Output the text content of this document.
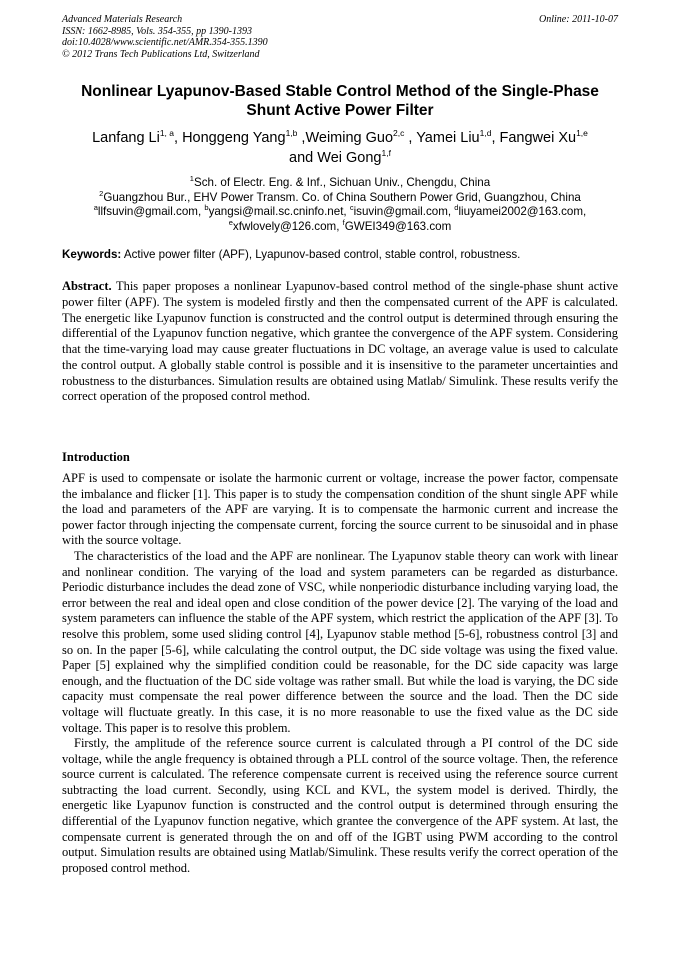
Advanced Materials Research	Online: 2011-10-07
ISSN: 1662-8985, Vols. 354-355, pp 1390-1393
doi:10.4028/www.scientific.net/AMR.354-355.1390
© 2012 Trans Tech Publications Ltd, Switzerland
Nonlinear Lyapunov-Based Stable Control Method of the Single-Phase
Shunt Active Power Filter
Lanfang Li$^{1, a}$, Honggeng Yang$^{1,b}$ ,Weiming Guo$^{2,c}$ , Yamei Liu$^{1,d}$, Fangwei Xu$^{1,e}$
and Wei Gong$^{1,f}$
$^1$Sch. of Electr. Eng. & Inf., Sichuan Univ., Chengdu, China
$^2$Guangzhou Bur., EHV Power Transm. Co. of China Southern Power Grid, Guangzhou, China
$^a$llfsuvin@gmail.com, $^b$yangsi@mail.sc.cninfo.net, $^c$isuvin@gmail.com, $^d$liuyamei2002@163.com,
$^e$xfwlovely@126.com, $^f$GWEI349@163.com
Keywords: Active power filter (APF), Lyapunov-based control, stable control, robustness.
Abstract. This paper proposes a nonlinear Lyapunov-based control method of the single-phase shunt active power filter (APF). The system is modeled firstly and then the compensated current of the APF is calculated. The energetic like Lyapunov function is constructed and the control output is determined through ensuring the differential of the Lyapunov function negative, which grantee the convergence of the APF system. Considering that the time-varying load may cause greater fluctuations in DC voltage, an average value is used to calculate the control output. A globally stable control is possible and it is insensitive to the parameter uncertainties and robustness to the disturbances. Simulation results are obtained using Matlab/ Simulink. These results verify the correct operation of the proposed control method.
Introduction

APF is used to compensate or isolate the harmonic current or voltage, increase the power factor, compensate the imbalance and flicker [1]. This paper is to study the compensation condition of the shunt single APF while the load and parameters of the APF are varying. It is to compensate the harmonic current and increase the power factor through injecting the compensate current, forcing the source current to be sinusoidal and in phase with the source voltage.

The characteristics of the load and the APF are nonlinear. The Lyapunov stable theory can work with linear and nonlinear condition. The varying of the load and system parameters can be regarded as disturbance. Periodic disturbance includes the dead zone of VSC, while nonperiodic disturbance including varying load, the error between the real and ideal open and close condition of the power device [2]. The varying of the load and system parameters can influence the stable of the APF system, which restrict the application of the APF [3]. To resolve this problem, some used sliding control [4], Lyapunov stable method [5-6], robustness control [3] and so on. In the paper [5-6], while calculating the control output, the DC side voltage was using the fixed value. Paper [5] explained why the simplified condition could be reasonable, for the DC side capacity was large enough, and the fluctuation of the DC side voltage was rather small. But while the load is varying, the DC side capacity must compensate the real power difference between the source and the load. Then the DC side voltage will fluctuate greatly. In this case, it is no more reasonable to use the fixed value as the DC side voltage. This paper is to resolve this problem.

Firstly, the amplitude of the reference source current is calculated through a PI control of the DC side voltage, while the angle frequency is obtained through a PLL control of the source voltage. Then, the reference source current is calculated. The reference compensate current is received using the reference source current subtracting the load current. Secondly, using KCL and KVL, the system model is derived. Thirdly, the energetic like Lyapunov function is constructed and the control output is determined through ensuring the differential of the Lyapunov function negative, which grantee the convergence of the APF system. At last, the compensate current is generated through the on and off of the IGBT using PWM according to the control output. Simulation results are obtained using Matlab/Simulink. These results verify the correct operation of the proposed control method.
